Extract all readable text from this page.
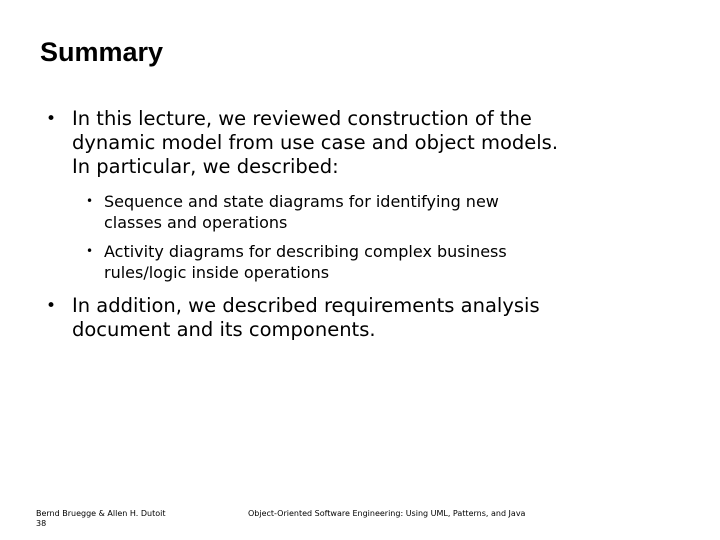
Summary
• In this lecture, we reviewed construction of the
dynamic model from use case and object models.
In particular, we described:
• Sequence and state diagrams for identifying new
classes and operations
• Activity diagrams for describing complex business
rules/logic inside operations
• In addition, we described requirements analysis
document and its components.
Bernd Bruegge & Allen H. Dutoit
38
Object-Oriented Software Engineering: Using UML, Patterns, and Java
